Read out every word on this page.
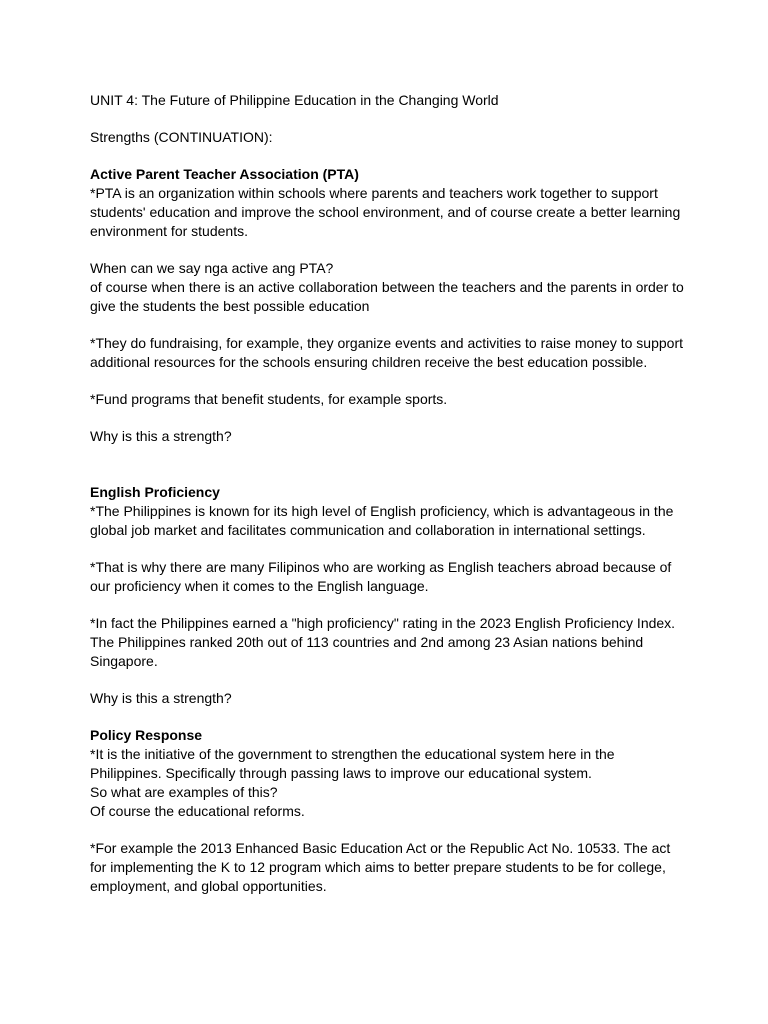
UNIT 4: The Future of Philippine Education in the Changing World

Strengths (CONTINUATION):

Active Parent Teacher Association (PTA)

*PTA is an organization within schools where parents and teachers work together to support students' education and improve the school environment, and of course create a better learning environment for students.

When can we say nga active ang PTA?

of course when there is an active collaboration between the teachers and the parents in order to give the students the best possible education

*They do fundraising, for example, they organize events and activities to raise money to support additional resources for the schools ensuring children receive the best education possible.

*Fund programs that benefit students, for example sports.

Why is this a strength?

English Proficiency

*The Philippines is known for its high level of English proficiency, which is advantageous in the global job market and facilitates communication and collaboration in international settings.

*That is why there are many Filipinos who are working as English teachers abroad because of our proficiency when it comes to the English language.

*In fact the Philippines earned a "high proficiency" rating in the 2023 English Proficiency Index. The Philippines ranked 20th out of 113 countries and 2nd among 23 Asian nations behind Singapore.

Why is this a strength?

Policy Response

*It is the initiative of the government to strengthen the educational system here in the Philippines. Specifically through passing laws to improve our educational system.

So what are examples of this?

Of course the educational reforms.

*For example the 2013 Enhanced Basic Education Act or the Republic Act No. 10533. The act for implementing the K to 12 program which aims to better prepare students to be for college, employment, and global opportunities.
